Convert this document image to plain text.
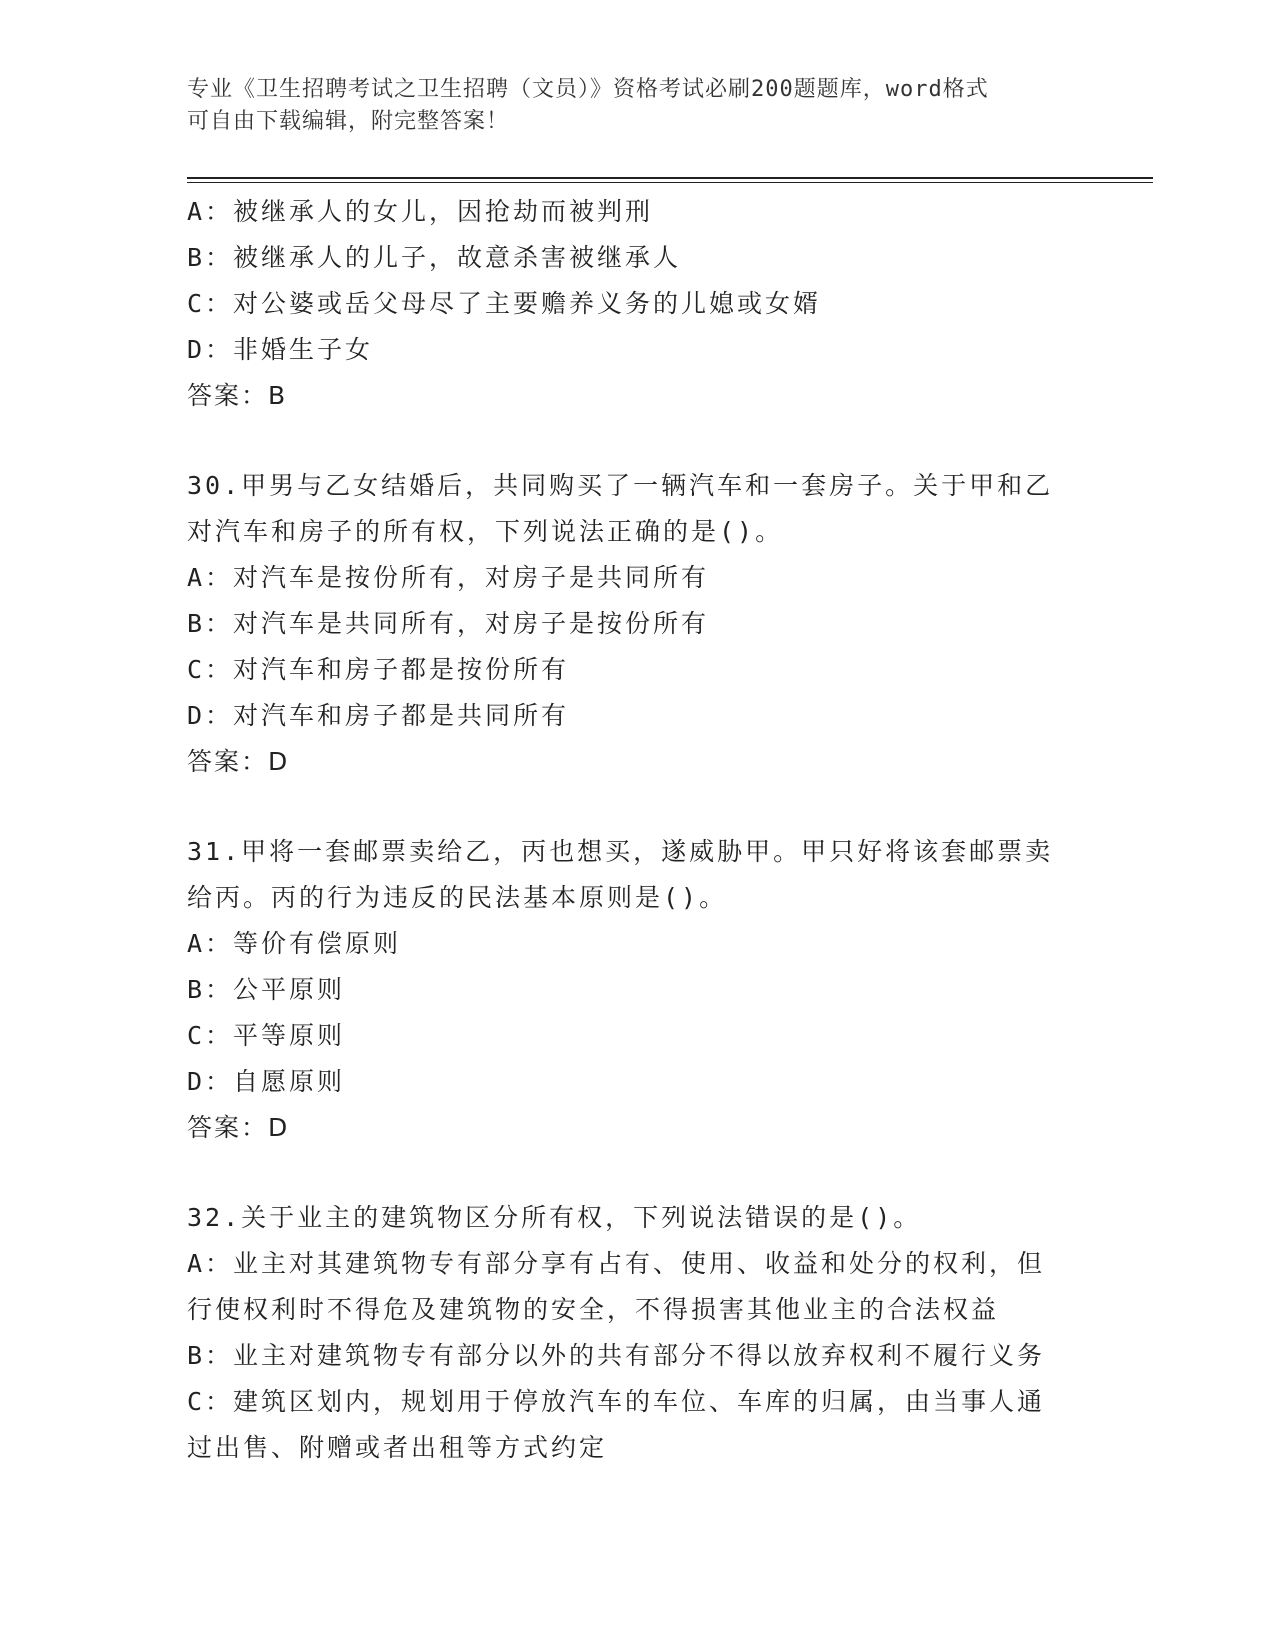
专业《卫生招聘考试之卫生招聘（文员）》资格考试必刷200题题库，word格式
可自由下载编辑，附完整答案！
A：被继承人的女儿，因抢劫而被判刑
B：被继承人的儿子，故意杀害被继承人
C：对公婆或岳父母尽了主要赡养义务的儿媳或女婿
D：非婚生子女
答案：B
30.甲男与乙女结婚后，共同购买了一辆汽车和一套房子。关于甲和乙
对汽车和房子的所有权，下列说法正确的是()。
A：对汽车是按份所有，对房子是共同所有
B：对汽车是共同所有，对房子是按份所有
C：对汽车和房子都是按份所有
D：对汽车和房子都是共同所有
答案：D
31.甲将一套邮票卖给乙，丙也想买，遂威胁甲。甲只好将该套邮票卖
给丙。丙的行为违反的民法基本原则是()。
A：等价有偿原则
B：公平原则
C：平等原则
D：自愿原则
答案：D
32.关于业主的建筑物区分所有权，下列说法错误的是()。
A：业主对其建筑物专有部分享有占有、使用、收益和处分的权利，但
行使权利时不得危及建筑物的安全，不得损害其他业主的合法权益
B：业主对建筑物专有部分以外的共有部分不得以放弃权利不履行义务
C：建筑区划内，规划用于停放汽车的车位、车库的归属，由当事人通
过出售、附赠或者出租等方式约定
